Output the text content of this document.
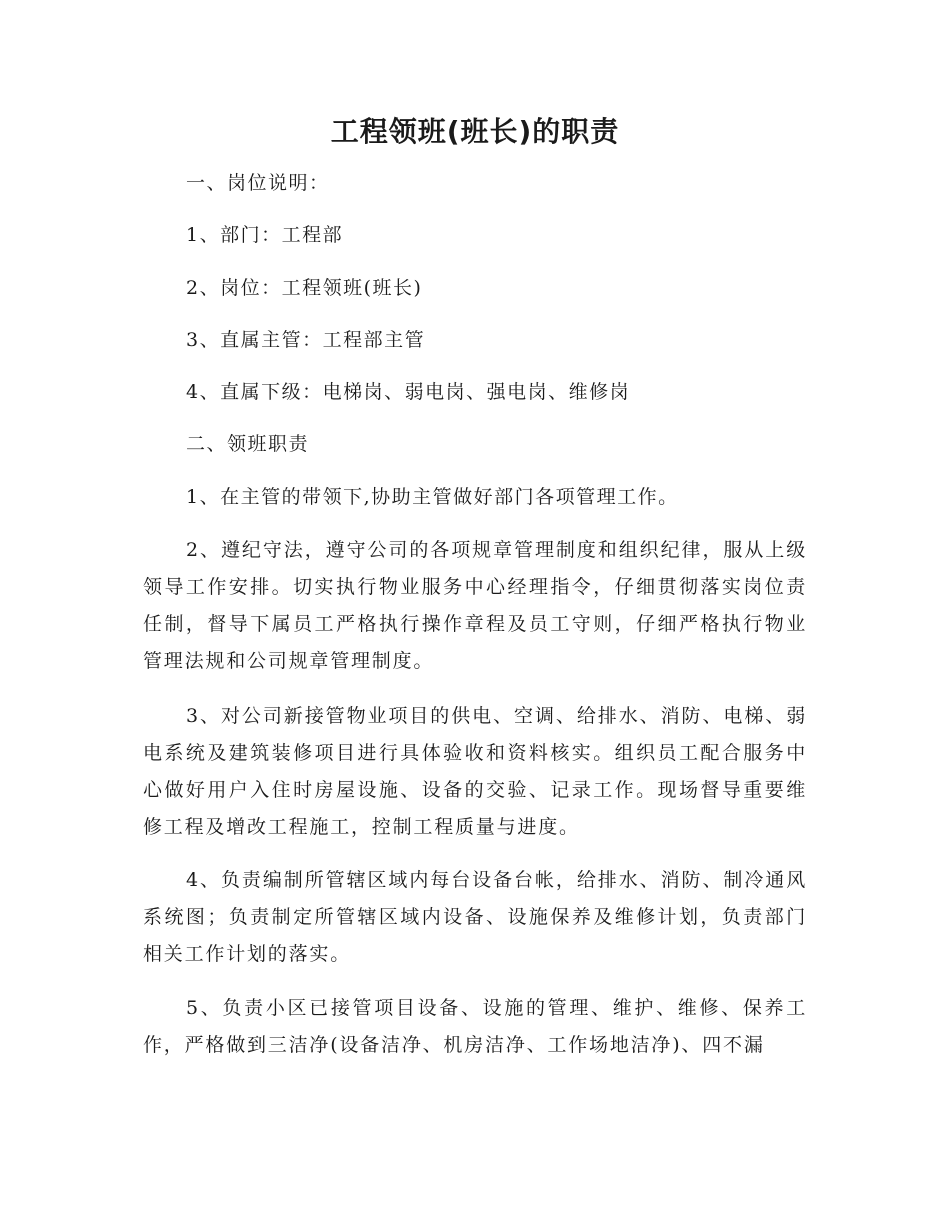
工程领班(班长)的职责
一、岗位说明：
1、部门：工程部
2、岗位：工程领班(班长)
3、直属主管：工程部主管
4、直属下级：电梯岗、弱电岗、强电岗、维修岗
二、领班职责
1、在主管的带领下,协助主管做好部门各项管理工作。
2、遵纪守法，遵守公司的各项规章管理制度和组织纪律，服从上级领导工作安排。切实执行物业服务中心经理指令，仔细贯彻落实岗位责任制，督导下属员工严格执行操作章程及员工守则，仔细严格执行物业管理法规和公司规章管理制度。
3、对公司新接管物业项目的供电、空调、给排水、消防、电梯、弱电系统及建筑装修项目进行具体验收和资料核实。组织员工配合服务中心做好用户入住时房屋设施、设备的交验、记录工作。现场督导重要维修工程及增改工程施工，控制工程质量与进度。
4、负责编制所管辖区域内每台设备台帐，给排水、消防、制冷通风系统图；负责制定所管辖区域内设备、设施保养及维修计划，负责部门相关工作计划的落实。
5、负责小区已接管项目设备、设施的管理、维护、维修、保养工作，严格做到三洁净(设备洁净、机房洁净、工作场地洁净)、四不漏
